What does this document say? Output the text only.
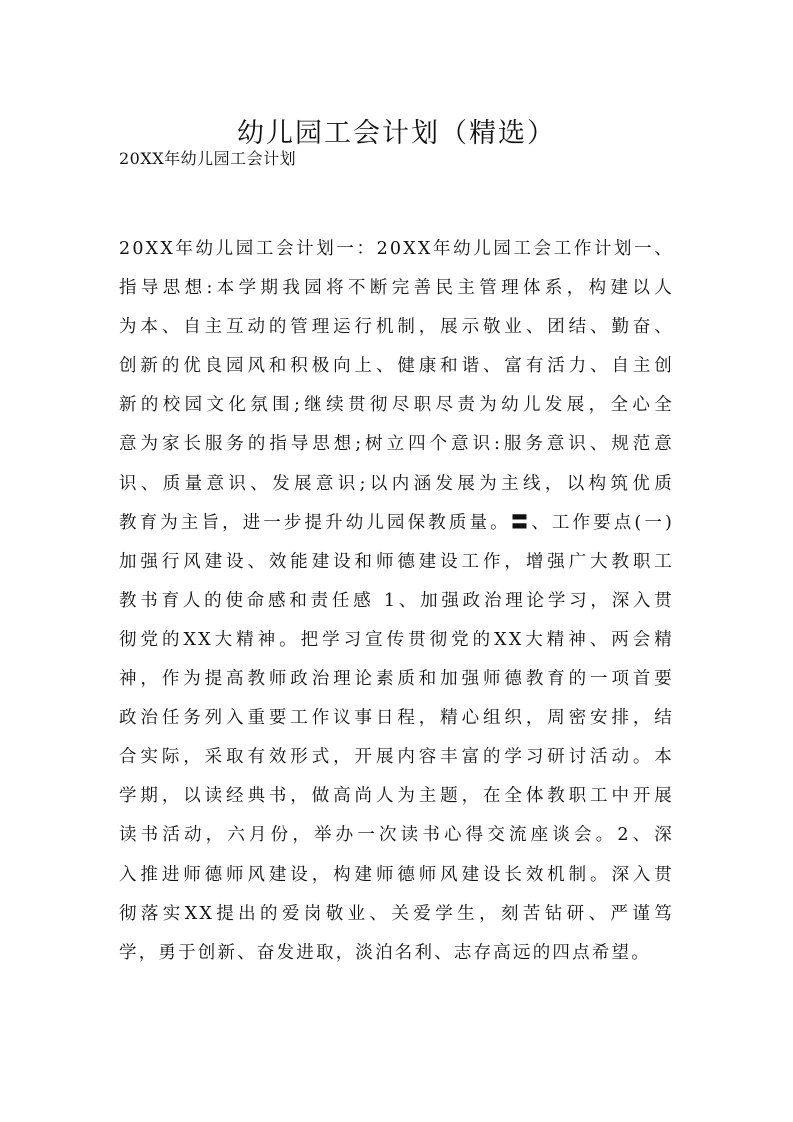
幼儿园工会计划（精选）
20XX年幼儿园工会计划
20XX年幼儿园工会计划一：20XX年幼儿园工会工作计划一、
指导思想:本学期我园将不断完善民主管理体系，构建以人
为本、自主互动的管理运行机制，展示敬业、团结、勤奋、
创新的优良园风和积极向上、健康和谐、富有活力、自主创
新的校园文化氛围;继续贯彻尽职尽责为幼儿发展，全心全
意为家长服务的指导思想;树立四个意识:服务意识、规范意
识、质量意识、发展意识;以内涵发展为主线，以构筑优质
教育为主旨，进一步提升幼儿园保教质量。〓、工作要点(一)
加强行风建设、效能建设和师德建设工作，增强广大教职工
教书育人的使命感和责任感 1、加强政治理论学习，深入贯
彻党的XX大精神。把学习宣传贯彻党的XX大精神、两会精
神，作为提高教师政治理论素质和加强师德教育的一项首要
政治任务列入重要工作议事日程，精心组织，周密安排，结
合实际，采取有效形式，开展内容丰富的学习研讨活动。本
学期，以读经典书，做高尚人为主题，在全体教职工中开展
读书活动，六月份，举办一次读书心得交流座谈会。2、深
入推进师德师风建设，构建师德师风建设长效机制。深入贯
彻落实XX提出的爱岗敬业、关爱学生，刻苦钻研、严谨笃
学，勇于创新、奋发进取，淡泊名利、志存高远的四点希望。
